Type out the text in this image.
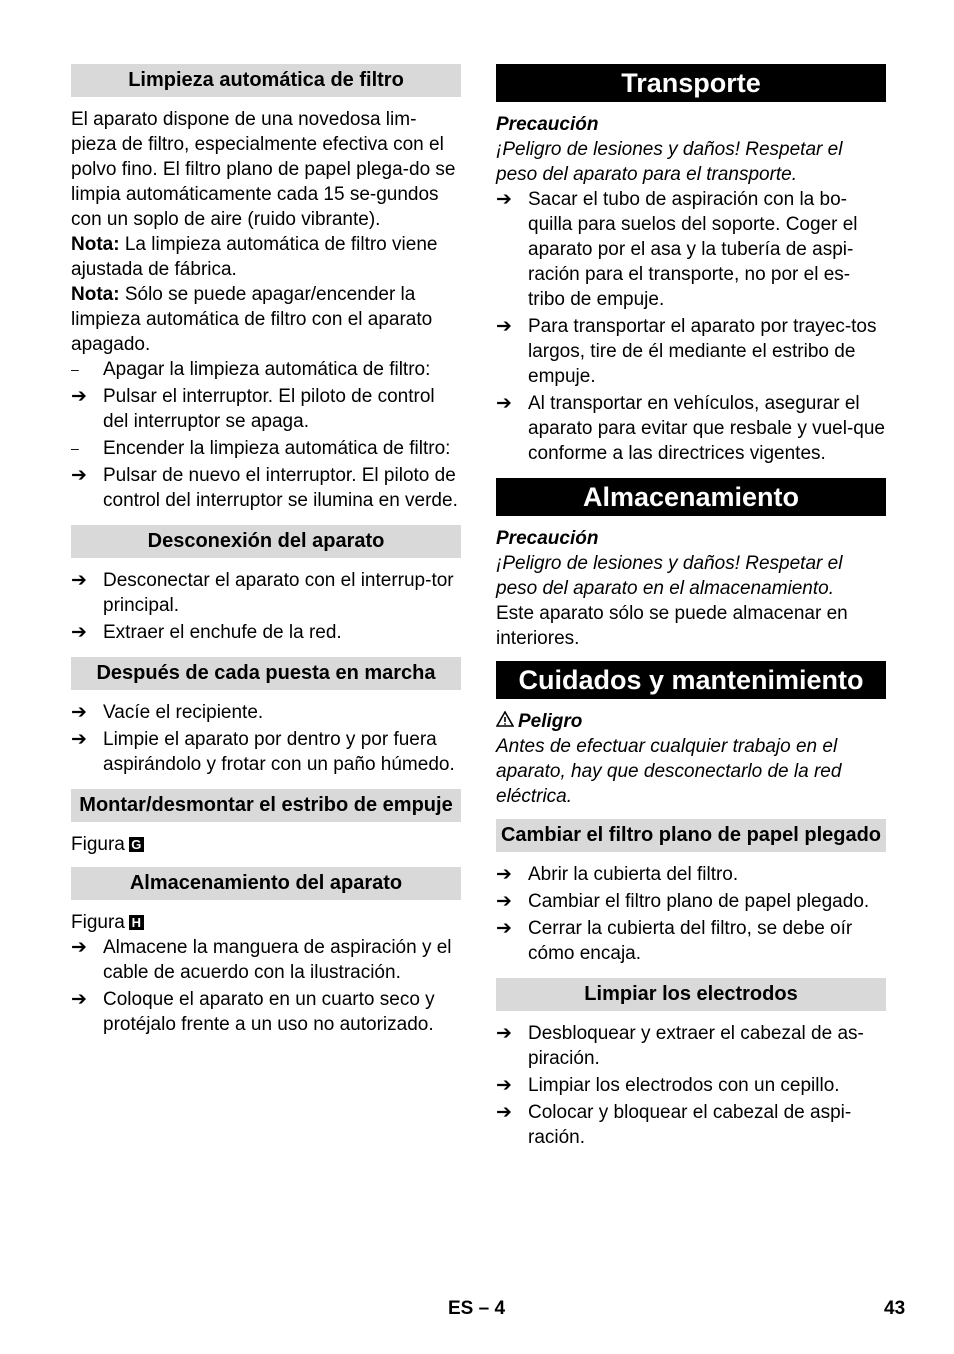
Limpieza automática de filtro

El aparato dispone de una novedosa lim-pieza de filtro, especialmente efectiva con el polvo fino. El filtro plano de papel plega-do se limpia automáticamente cada 15 se-gundos con un soplo de aire (ruido vibrante).

Nota: La limpieza automática de filtro viene ajustada de fábrica.

Nota: Sólo se puede apagar/encender la limpieza automática de filtro con el aparato apagado.

–	Apagar la limpieza automática de filtro:
➔ Pulsar el interruptor. El piloto de control del interruptor se apaga.
–	Encender la limpieza automática de filtro:
➔ Pulsar de nuevo el interruptor. El piloto de control del interruptor se ilumina en verde.
Desconexión del aparato
➔ Desconectar el aparato con el interrup-tor principal.
➔ Extraer el enchufe de la red.
Después de cada puesta en marcha
➔ Vacíe el recipiente.
➔ Limpie el aparato por dentro y por fuera aspirándolo y frotar con un paño húmedo.
Montar/desmontar el estribo de empuje

Figura G

Almacenamiento del aparato

Figura H

➔ Almacene la manguera de aspiración y el cable de acuerdo con la ilustración.
➔ Coloque el aparato en un cuarto seco y protéjalo frente a un uso no autorizado.
Transporte

Precaución

¡Peligro de lesiones y daños! Respetar el peso del aparato para el transporte.

➔ Sacar el tubo de aspiración con la bo-quilla para suelos del soporte. Coger el aparato por el asa y la tubería de aspi-ración para el transporte, no por el es-tribo de empuje.
➔ Para transportar el aparato por trayec-tos largos, tire de él mediante el estribo de empuje.
➔ Al transportar en vehículos, asegurar el aparato para evitar que resbale y vuel-que conforme a las directrices vigentes.
Almacenamiento

Precaución

¡Peligro de lesiones y daños! Respetar el peso del aparato en el almacenamiento.

Este aparato sólo se puede almacenar en interiores.

Cuidados y mantenimiento

Peligro

Antes de efectuar cualquier trabajo en el aparato, hay que desconectarlo de la red eléctrica.

Cambiar el filtro plano de papel plegado
➔ Abrir la cubierta del filtro.
➔ Cambiar el filtro plano de papel plegado.
➔ Cerrar la cubierta del filtro, se debe oír cómo encaja.
Limpiar los electrodos
➔ Desbloquear y extraer el cabezal de as-piración.
➔ Limpiar los electrodos con un cepillo.
➔ Colocar y bloquear el cabezal de aspi-ración.
ES – 4	43
